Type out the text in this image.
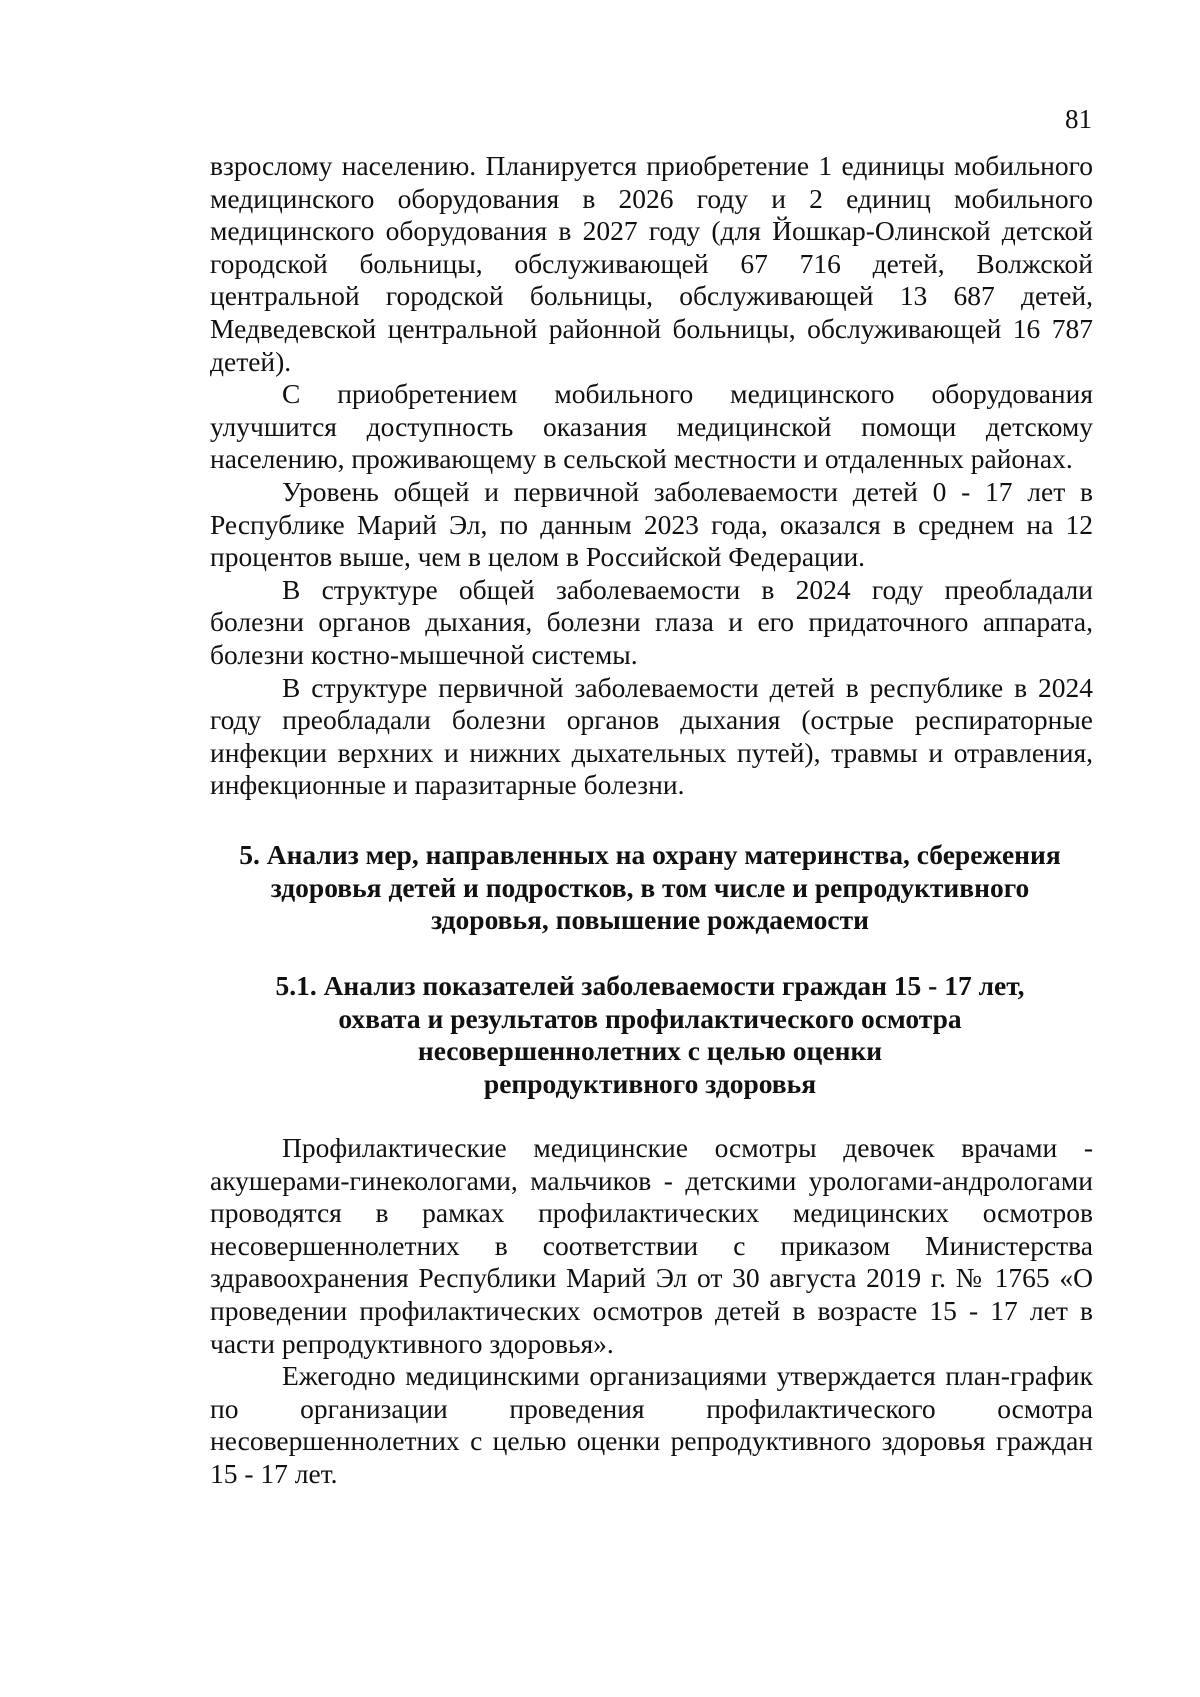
81

взрослому населению. Планируется приобретение 1 единицы мобильного медицинского оборудования в 2026 году и 2 единиц мобильного медицинского оборудования в 2027 году (для Йошкар-Олинской детской городской больницы, обслуживающей 67 716 детей, Волжской центральной городской больницы, обслуживающей 13 687 детей, Медведевской центральной районной больницы, обслуживающей 16 787 детей).

С приобретением мобильного медицинского оборудования улучшится доступность оказания медицинской помощи детскому населению, проживающему в сельской местности и отдаленных районах.

Уровень общей и первичной заболеваемости детей 0 - 17 лет в Республике Марий Эл, по данным 2023 года, оказался в среднем на 12 процентов выше, чем в целом в Российской Федерации.

В структуре общей заболеваемости в 2024 году преобладали болезни органов дыхания, болезни глаза и его придаточного аппарата, болезни костно-мышечной системы.

В структуре первичной заболеваемости детей в республике в 2024 году преобладали болезни органов дыхания (острые респираторные инфекции верхних и нижних дыхательных путей), травмы и отравления, инфекционные и паразитарные болезни.

5. Анализ мер, направленных на охрану материнства, сбережения
здоровья детей и подростков, в том числе и репродуктивного
здоровья, повышение рождаемости
5.1. Анализ показателей заболеваемости граждан 15 - 17 лет,
охвата и результатов профилактического осмотра
несовершеннолетних с целью оценки
репродуктивного здоровья

Профилактические медицинские осмотры девочек врачами - акушерами-гинекологами, мальчиков - детскими урологами-андрологами проводятся в рамках профилактических медицинских осмотров несовершеннолетних в соответствии с приказом Министерства здравоохранения Республики Марий Эл от 30 августа 2019 г. № 1765 «О проведении профилактических осмотров детей в возрасте 15 - 17 лет в части репродуктивного здоровья».

Ежегодно медицинскими организациями утверждается план-график по организации проведения профилактического осмотра несовершеннолетних с целью оценки репродуктивного здоровья граждан 15 - 17 лет.
